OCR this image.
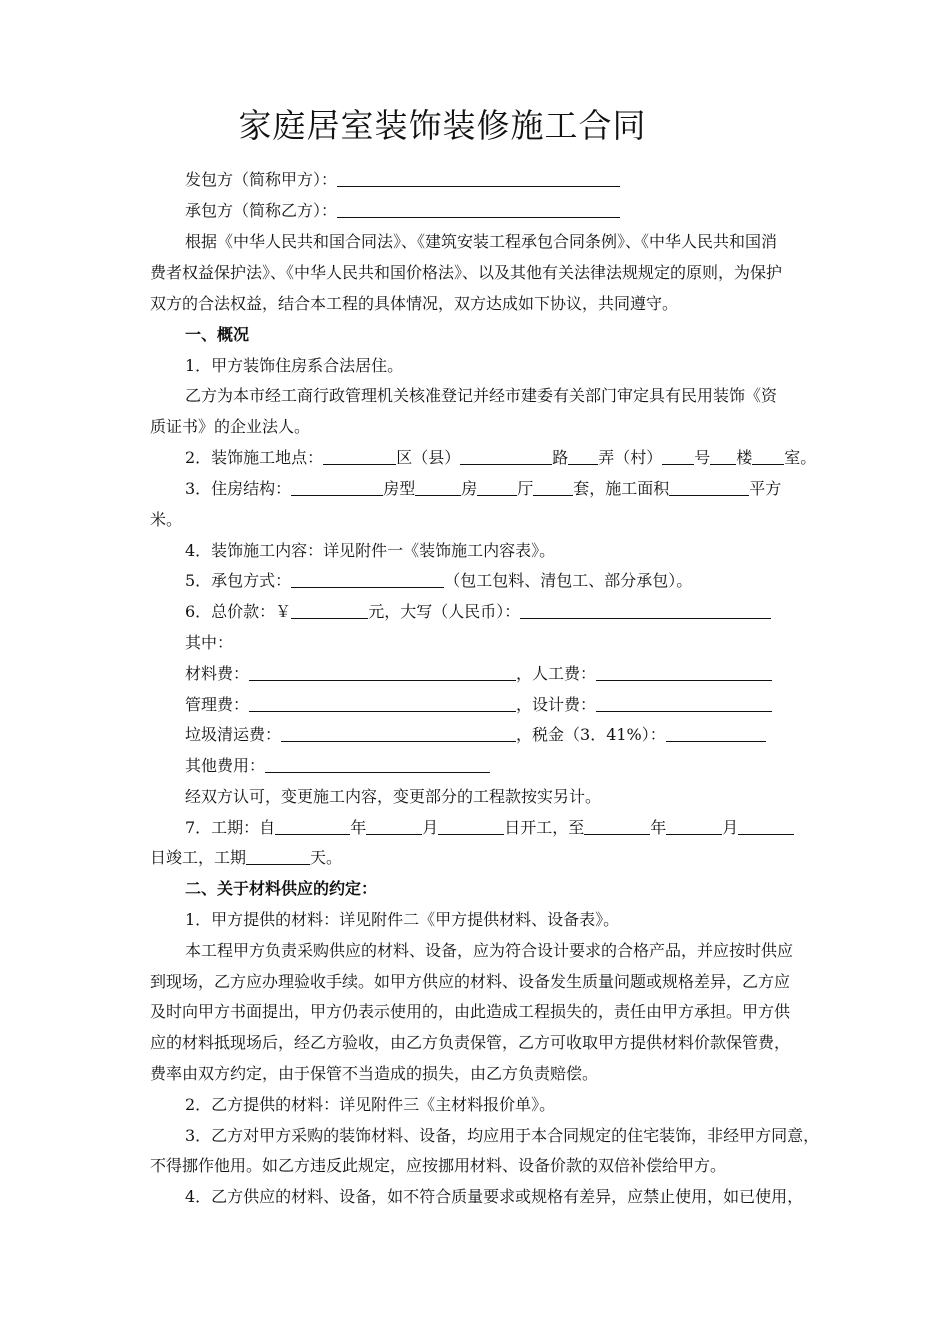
家庭居室装饰装修施工合同
发包方（简称甲方）：
承包方（简称乙方）：
根据《中华人民共和国合同法》、《建筑安装工程承包合同条例》、《中华人民共和国消
费者权益保护法》、《中华人民共和国价格法》、以及其他有关法律法规规定的原则，为保护
双方的合法权益，结合本工程的具体情况，双方达成如下协议，共同遵守。
一、概况
1．甲方装饰住房系合法居住。
乙方为本市经工商行政管理机关核准登记并经市建委有关部门审定具有民用装饰《资
质证书》的企业法人。
2．装饰施工地点：	区（县）	路 弄（村） 号 楼 室。
3．住房结构：	房型	房	厅	套，施工面积	平方
米。
4．装饰施工内容：详见附件一《装饰施工内容表》。
5．承包方式：	（包工包料、清包工、部分承包）。
6．总价款：￥	元，大写（人民币）：
其中：
材料费：	，人工费：
管理费：	，设计费：
垃圾清运费：	，税金（3．41%）：
其他费用：
经双方认可，变更施工内容，变更部分的工程款按实另计。
7．工期：自	年	月	日开工，至	年	月
日竣工，工期	天。
二、关于材料供应的约定：
1．甲方提供的材料：详见附件二《甲方提供材料、设备表》。
本工程甲方负责采购供应的材料、设备，应为符合设计要求的合格产品，并应按时供应
到现场，乙方应办理验收手续。如甲方供应的材料、设备发生质量问题或规格差异，乙方应
及时向甲方书面提出，甲方仍表示使用的，由此造成工程损失的，责任由甲方承担。甲方供
应的材料抵现场后，经乙方验收，由乙方负责保管，乙方可收取甲方提供材料价款保管费，
费率由双方约定，由于保管不当造成的损失，由乙方负责赔偿。
2．乙方提供的材料：详见附件三《主材料报价单》。
3．乙方对甲方采购的装饰材料、设备，均应用于本合同规定的住宅装饰，非经甲方同意，
不得挪作他用。如乙方违反此规定，应按挪用材料、设备价款的双倍补偿给甲方。
4．乙方供应的材料、设备，如不符合质量要求或规格有差异，应禁止使用，如已使用，
